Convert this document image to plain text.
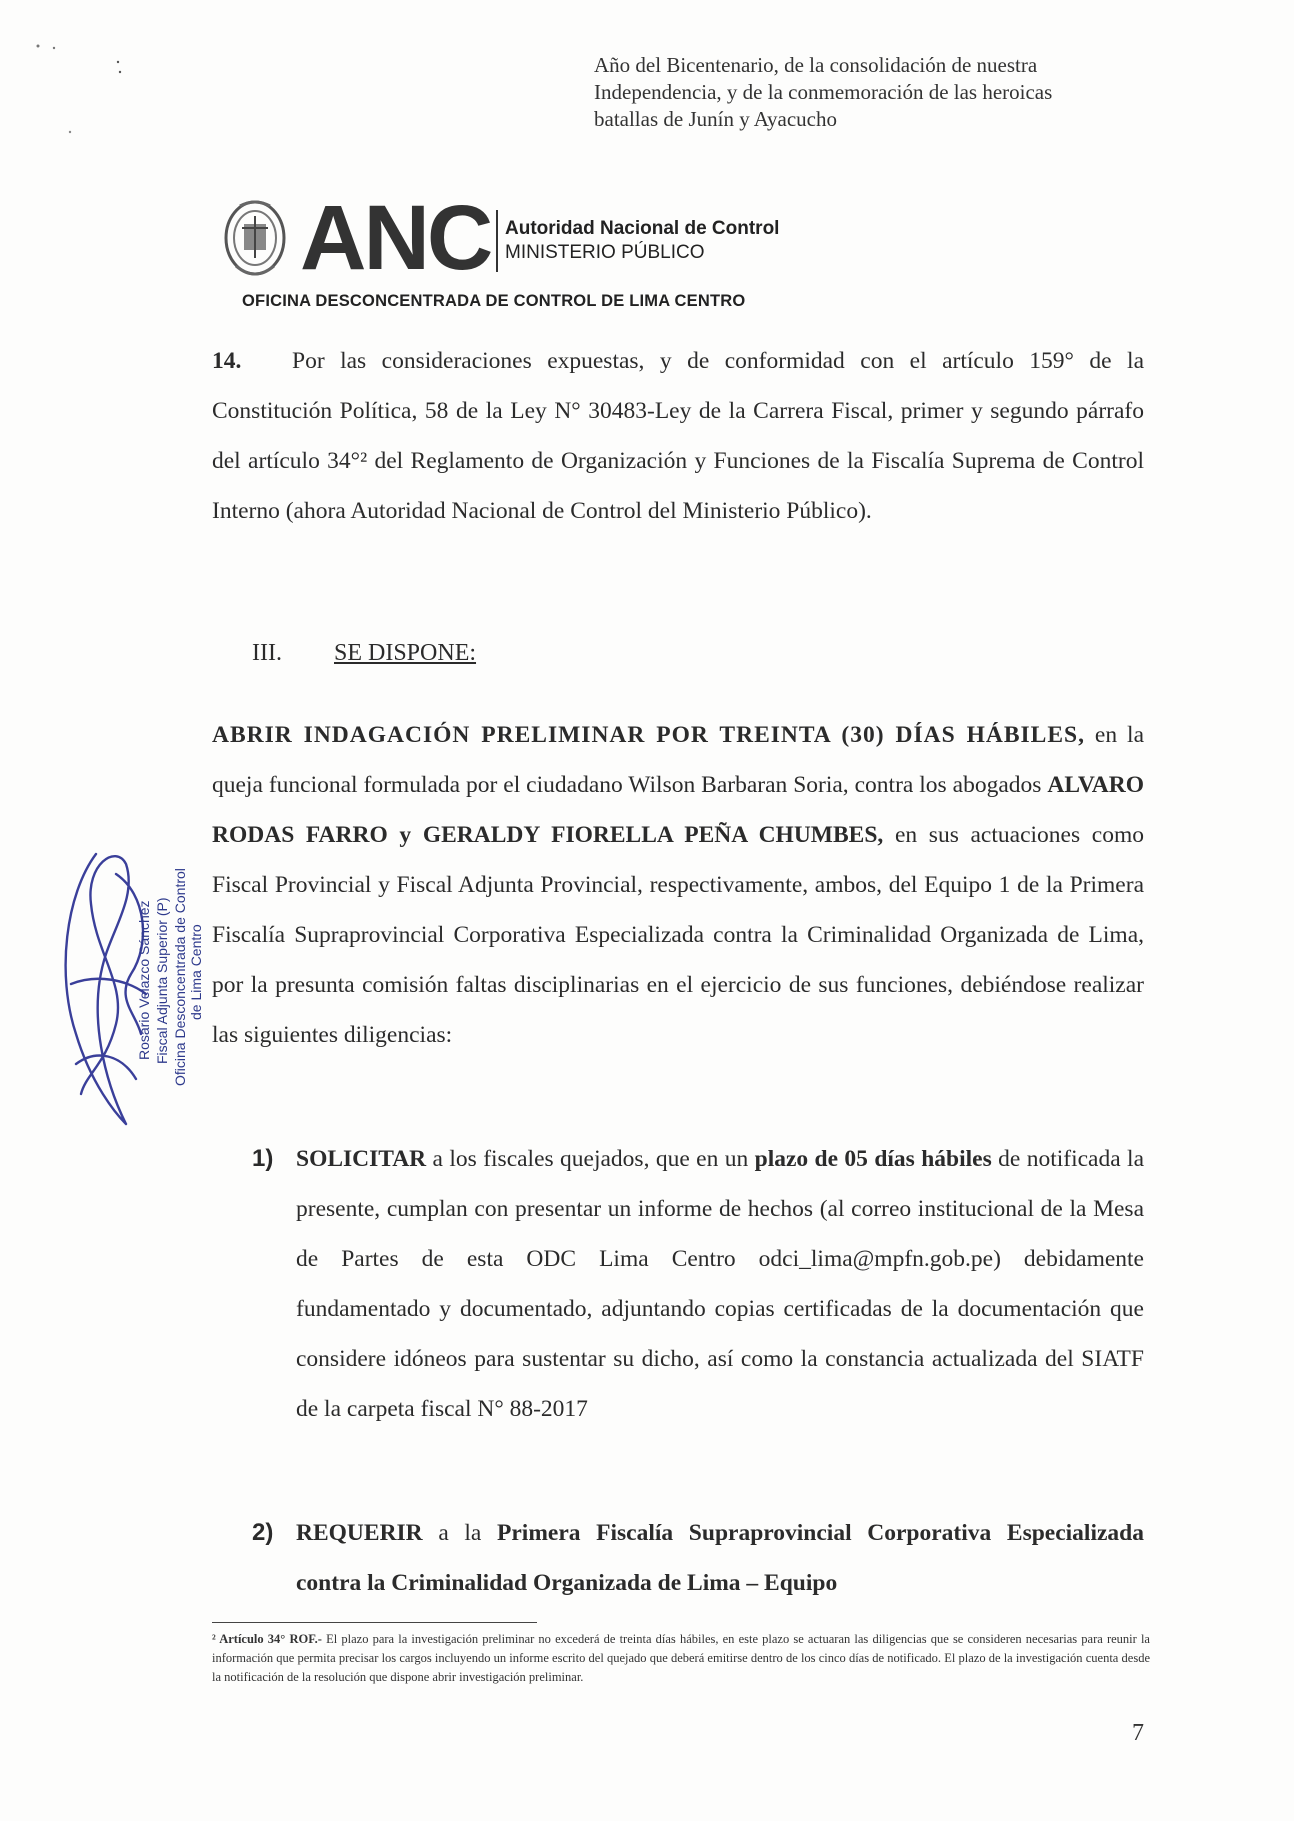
Año del Bicentenario, de la consolidación de nuestra
Independencia, y de la conmemoración de las heroicas
batallas de Junín y Ayacucho
ANC Autoridad Nacional de Control
MINISTERIO PÚBLICO
OFICINA DESCONCENTRADA DE CONTROL DE LIMA CENTRO
14. Por las consideraciones expuestas, y de conformidad con el artículo 159° de la Constitución Política, 58 de la Ley N° 30483-Ley de la Carrera Fiscal, primer y segundo párrafo del artículo 34°² del Reglamento de Organización y Funciones de la Fiscalía Suprema de Control Interno (ahora Autoridad Nacional de Control del Ministerio Público).
III. SE DISPONE:
ABRIR INDAGACIÓN PRELIMINAR POR TREINTA (30) DÍAS HÁBILES, en la queja funcional formulada por el ciudadano Wilson Barbaran Soria, contra los abogados ALVARO RODAS FARRO y GERALDY FIORELLA PEÑA CHUMBES, en sus actuaciones como Fiscal Provincial y Fiscal Adjunta Provincial, respectivamente, ambos, del Equipo 1 de la Primera Fiscalía Supraprovincial Corporativa Especializada contra la Criminalidad Organizada de Lima, por la presunta comisión faltas disciplinarias en el ejercicio de sus funciones, debiéndose realizar las siguientes diligencias:
1) SOLICITAR a los fiscales quejados, que en un plazo de 05 días hábiles de notificada la presente, cumplan con presentar un informe de hechos (al correo institucional de la Mesa de Partes de esta ODC Lima Centro odci_lima@mpfn.gob.pe) debidamente fundamentado y documentado, adjuntando copias certificadas de la documentación que considere idóneos para sustentar su dicho, así como la constancia actualizada del SIATF de la carpeta fiscal N° 88-2017
2) REQUERIR a la Primera Fiscalía Supraprovincial Corporativa Especializada contra la Criminalidad Organizada de Lima – Equipo
² Artículo 34° ROF.- El plazo para la investigación preliminar no excederá de treinta días hábiles, en este plazo se actuaran las diligencias que se consideren necesarias para reunir la información que permita precisar los cargos incluyendo un informe escrito del quejado que deberá emitirse dentro de los cinco días de notificado. El plazo de la investigación cuenta desde la notificación de la resolución que dispone abrir investigación preliminar.
7
Rosario Velazco Sánchez Fiscal Adjunta Superior (P) Oficina Desconcentrada de Control de Lima Centro
